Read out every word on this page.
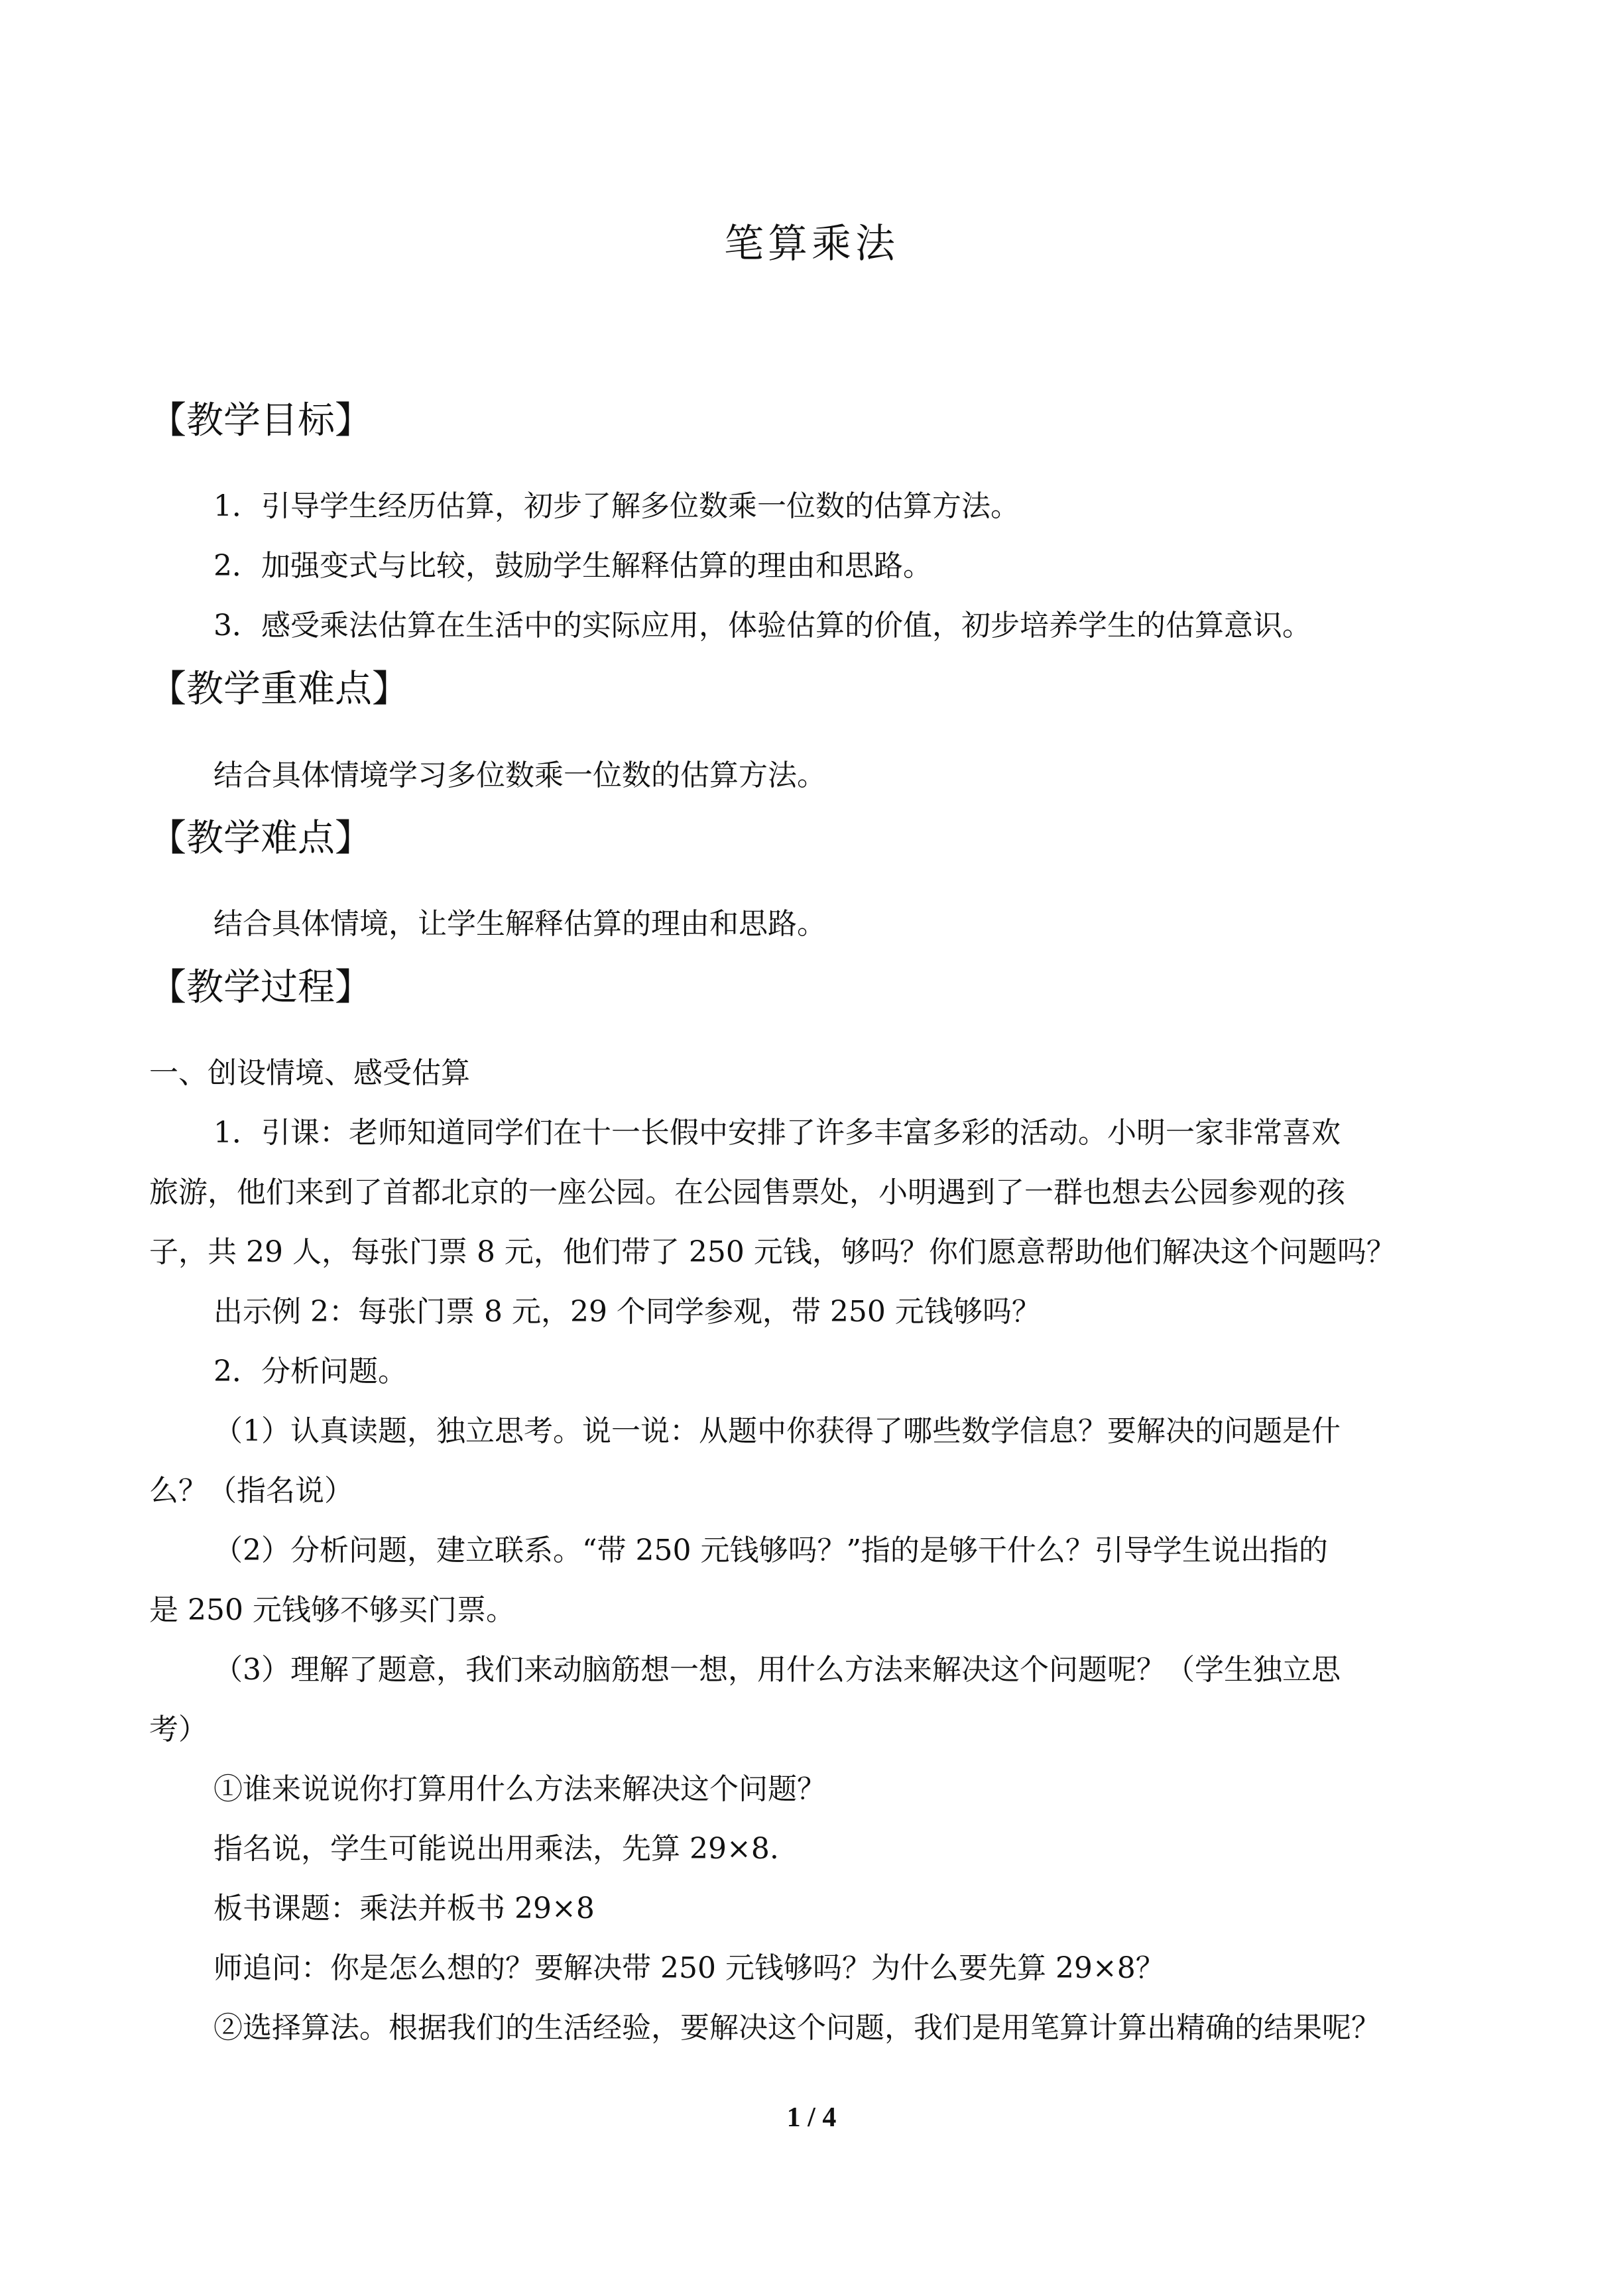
笔算乘法
【教学目标】
1．引导学生经历估算，初步了解多位数乘一位数的估算方法。
2．加强变式与比较，鼓励学生解释估算的理由和思路。
3．感受乘法估算在生活中的实际应用，体验估算的价值，初步培养学生的估算意识。
【教学重难点】
结合具体情境学习多位数乘一位数的估算方法。
【教学难点】
结合具体情境，让学生解释估算的理由和思路。
【教学过程】
一、创设情境、感受估算
1．引课：老师知道同学们在十一长假中安排了许多丰富多彩的活动。小明一家非常喜欢
旅游，他们来到了首都北京的一座公园。在公园售票处，小明遇到了一群也想去公园参观的孩
子，共 29 人，每张门票 8 元，他们带了 250 元钱，够吗？你们愿意帮助他们解决这个问题吗？
出示例 2：每张门票 8 元，29 个同学参观，带 250 元钱够吗？
2．分析问题。
（1）认真读题，独立思考。说一说：从题中你获得了哪些数学信息？要解决的问题是什
么？（指名说）
（2）分析问题，建立联系。“带 250 元钱够吗？”指的是够干什么？引导学生说出指的
是 250 元钱够不够买门票。
（3）理解了题意，我们来动脑筋想一想，用什么方法来解决这个问题呢？（学生独立思
考）
①谁来说说你打算用什么方法来解决这个问题？
指名说，学生可能说出用乘法，先算 29×8.
板书课题：乘法并板书 29×8
师追问：你是怎么想的？要解决带 250 元钱够吗？为什么要先算 29×8？
②选择算法。根据我们的生活经验，要解决这个问题，我们是用笔算计算出精确的结果呢？
1 / 4
